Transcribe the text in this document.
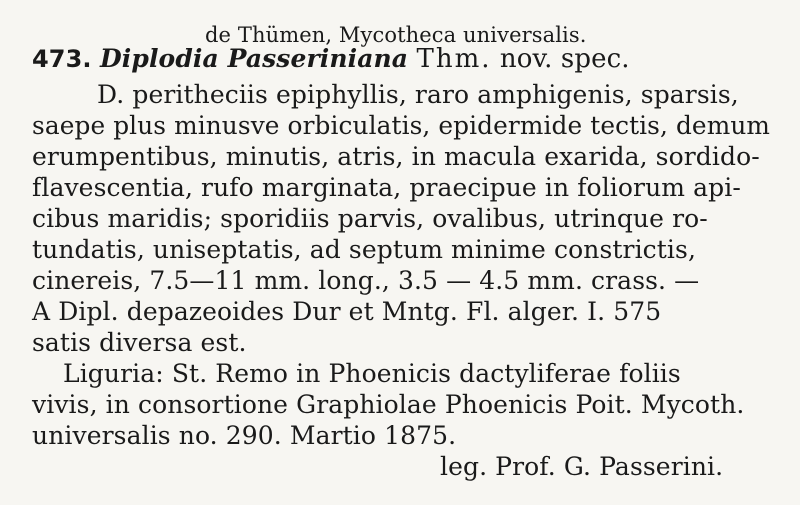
de Thümen, Mycotheca universalis.
473. Diplodia Passeriniana Thm. nov. spec.
D. peritheciis epiphyllis, raro amphigenis, sparsis,
saepe plus minusve orbiculatis, epidermide tectis, demum
erumpentibus, minutis, atris, in macula exarida, sordido-
flavescentia, rufo marginata, praecipue in foliorum api-
cibus maridis; sporidiis parvis, ovalibus, utrinque ro-
tundatis, uniseptatis, ad septum minime constrictis,
cinereis, 7.5—11 mm. long., 3.5 — 4.5 mm. crass. —
A Dipl. depazeoides Dur et Mntg. Fl. alger. I. 575
satis diversa est.
Liguria: St. Remo in Phoenicis dactyliferae foliis
vivis, in consortione Graphiolae Phoenicis Poit. Mycoth.
universalis no. 290. Martio 1875.
leg. Prof. G. Passerini.
